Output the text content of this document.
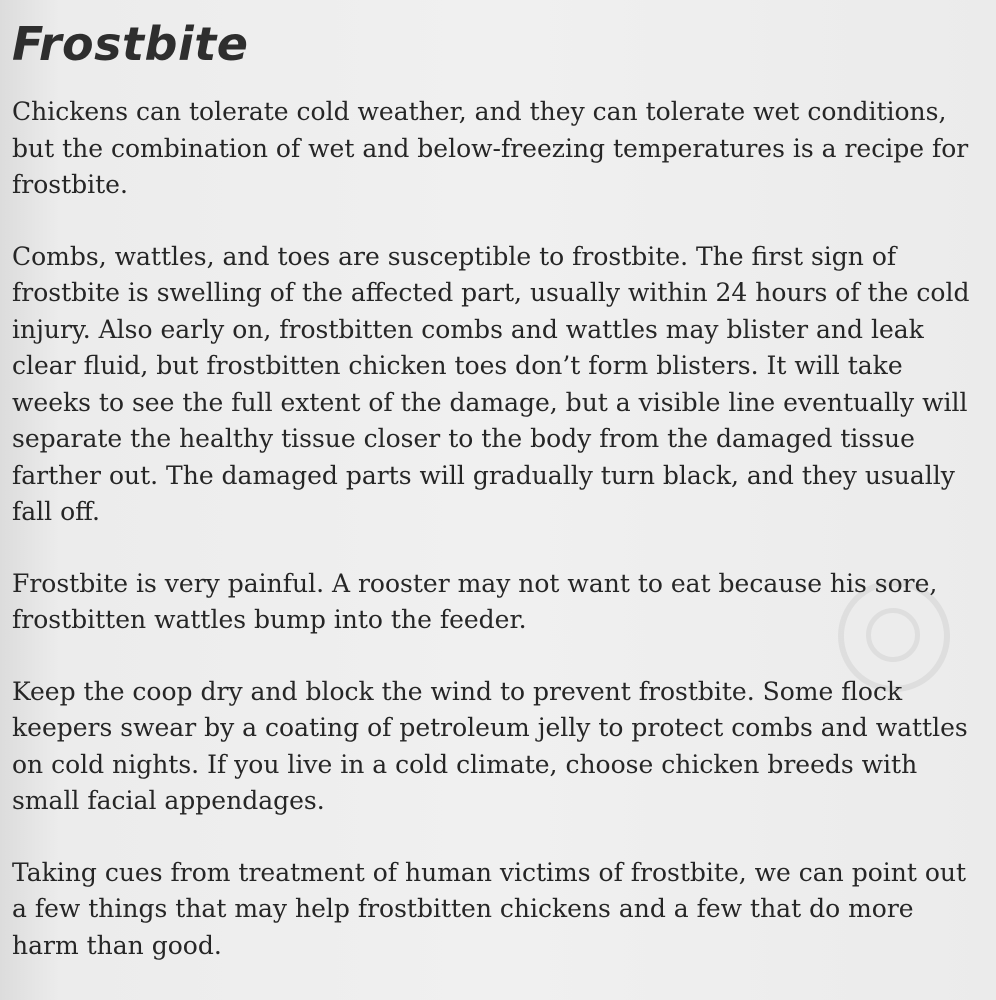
Frostbite

Chickens can tolerate cold weather, and they can tolerate wet conditions, but the combination of wet and below-freezing temperatures is a recipe for frostbite.

Combs, wattles, and toes are susceptible to frostbite. The first sign of frostbite is swelling of the affected part, usually within 24 hours of the cold injury. Also early on, frostbitten combs and wattles may blister and leak clear fluid, but frostbitten chicken toes don’t form blisters. It will take weeks to see the full extent of the damage, but a visible line eventually will separate the healthy tissue closer to the body from the damaged tissue farther out. The damaged parts will gradually turn black, and they usually fall off.

Frostbite is very painful. A rooster may not want to eat because his sore, frostbitten wattles bump into the feeder.

Keep the coop dry and block the wind to prevent frostbite. Some flock keepers swear by a coating of petroleum jelly to protect combs and wattles on cold nights. If you live in a cold climate, choose chicken breeds with small facial appendages.

Taking cues from treatment of human victims of frostbite, we can point out a few things that may help frostbitten chickens and a few that do more harm than good.
